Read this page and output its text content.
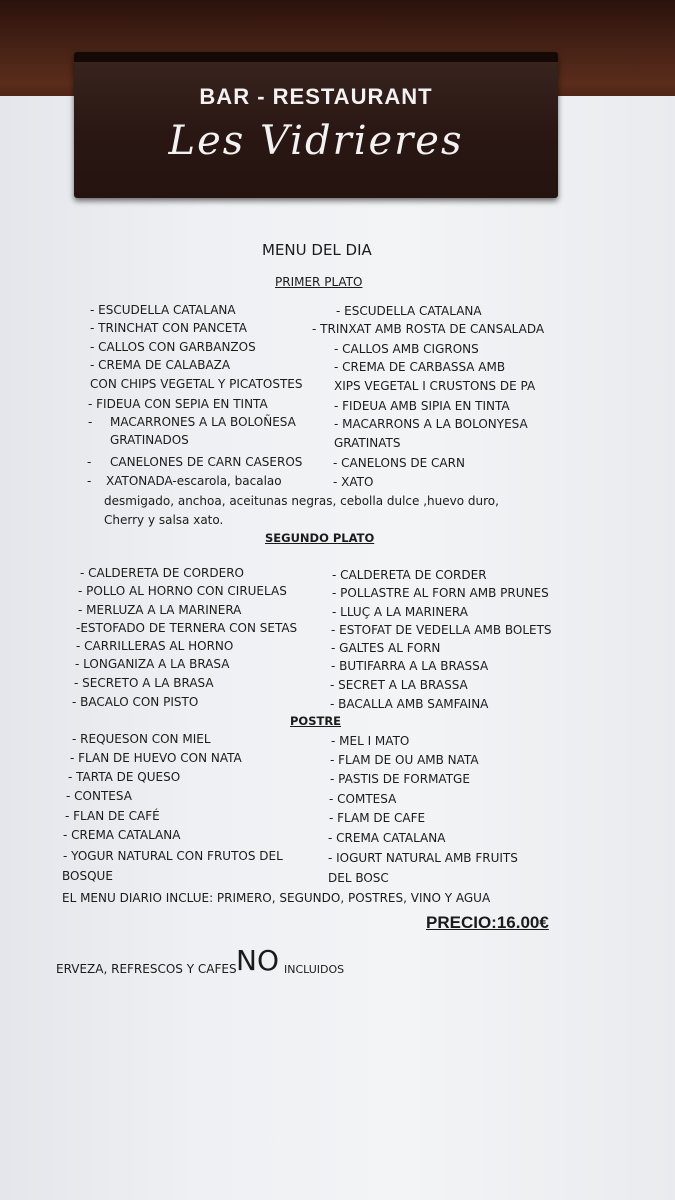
BAR - RESTAURANT
Les Vidrieres
MENU DEL DIA
PRIMER PLATO
- ESCUDELLA CATALANA
- TRINCHAT CON PANCETA
- CALLOS CON GARBANZOS
- CREMA DE CALABAZA
CON CHIPS VEGETAL Y PICATOSTES
- FIDEUA CON SEPIA EN TINTA
- MACARRONES A LA BOLOÑESA
GRATINADOS
- CANELONES DE CARN CASEROS
- XATONADA-escarola, bacalao
desmigado, anchoa, aceitunas negras, cebolla dulce ,huevo duro,
Cherry y salsa xato.
- ESCUDELLA CATALANA
- TRINXAT AMB ROSTA DE CANSALADA
- CALLOS AMB CIGRONS
- CREMA DE CARBASSA AMB
XIPS VEGETAL I CRUSTONS DE PA
- FIDEUA AMB SIPIA EN TINTA
- MACARRONS A LA BOLONYESA
GRATINATS
- CANELONS DE CARN
- XATO
SEGUNDO PLATO
- CALDERETA DE CORDERO
- POLLO AL HORNO CON CIRUELAS
- MERLUZA A LA MARINERA
-ESTOFADO DE TERNERA CON SETAS
- CARRILLERAS AL HORNO
- LONGANIZA A LA BRASA
- SECRETO A LA BRASA
- BACALO CON PISTO
- CALDERETA DE CORDER
- POLLASTRE AL FORN AMB PRUNES
- LLUÇ A LA MARINERA
- ESTOFAT DE VEDELLA AMB BOLETS
- GALTES AL FORN
- BUTIFARRA A LA BRASSA
- SECRET A LA BRASSA
- BACALLA AMB SAMFAINA
POSTRE
- REQUESON CON MIEL
- FLAN DE HUEVO CON NATA
- TARTA DE QUESO
- CONTESA
- FLAN DE CAFÉ
- CREMA CATALANA
- YOGUR NATURAL CON FRUTOS DEL
BOSQUE
- MEL I MATO
- FLAM DE OU AMB NATA
- PASTIS DE FORMATGE
- COMTESA
- FLAM DE CAFE
- CREMA CATALANA
- IOGURT NATURAL AMB FRUITS
DEL BOSC
EL MENU DIARIO INCLUE: PRIMERO, SEGUNDO, POSTRES, VINO Y AGUA
PRECIO:16.00€
ERVEZA, REFRESCOS Y CAFES NO INCLUIDOS
